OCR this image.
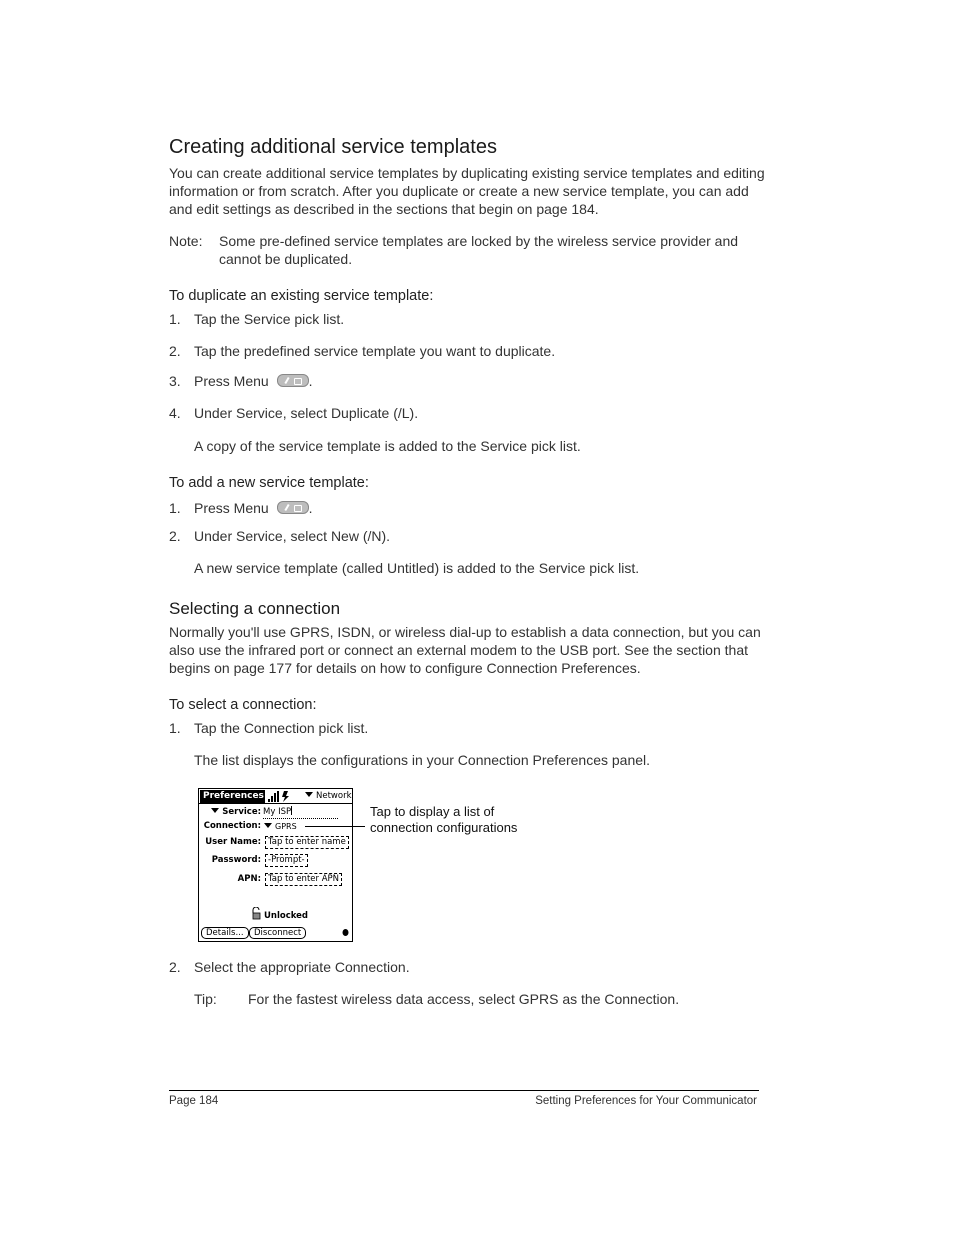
Creating additional service templates
You can create additional service templates by duplicating existing service templates and editing
information or from scratch. After you duplicate or create a new service template, you can add
and edit settings as described in the sections that begin on page 184.
Note: Some pre-defined service templates are locked by the wireless service provider and
cannot be duplicated.
To duplicate an existing service template:
1. Tap the Service pick list.
2. Tap the predefined service template you want to duplicate.
3. Press Menu	.
4. Under Service, select Duplicate (/L).
A copy of the service template is added to the Service pick list.
To add a new service template:
1. Press Menu	.
2. Under Service, select New (/N).
A new service template (called Untitled) is added to the Service pick list.
Selecting a connection
Normally you'll use GPRS, ISDN, or wireless dial-up to establish a data connection, but you can
also use the infrared port or connect an external modem to the USB port. See the section that
begins on page 177 for details on how to configure Connection Preferences.
To select a connection:
1. Tap the Connection pick list.
The list displays the configurations in your Connection Preferences panel.
Preferences	Network
Service: My ISP
Connection:	GPRS
User Name: Tap to enter name
Password: -Prompt-
APN: Tap to enter APN
Unlocked
Details...	Disconnect
Tap to display a list of
connection configurations
2. Select the appropriate Connection.
Tip: For the fastest wireless data access, select GPRS as the Connection.
Page 184	Setting Preferences for Your Communicator
